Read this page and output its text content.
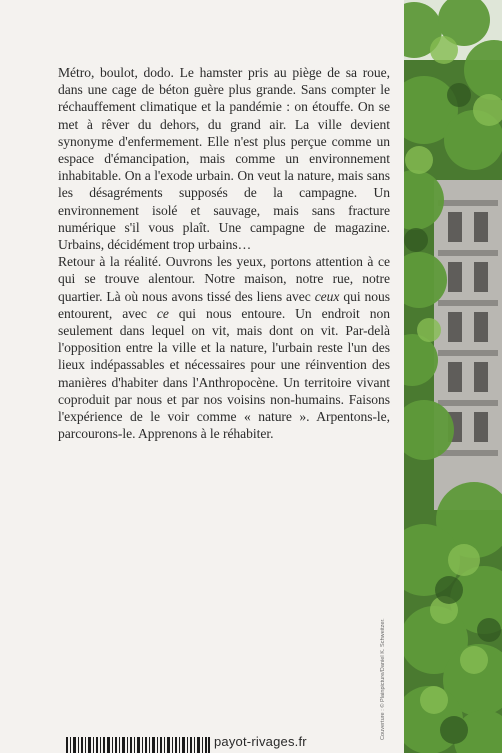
Métro, boulot, dodo. Le hamster pris au piège de sa roue, dans une cage de béton guère plus grande. Sans compter le réchauffement climatique et la pandémie : on étouffe. On se met à rêver du dehors, du grand air. La ville devient synonyme d'enfermement. Elle n'est plus perçue comme un espace d'émancipation, mais comme un environnement inhabitable. On a l'exode urbain. On veut la nature, mais sans les désagréments supposés de la campagne. Un environnement isolé et sauvage, mais sans fracture numérique s'il vous plaît. Une campagne de magazine. Urbains, décidément trop urbains…

Retour à la réalité. Ouvrons les yeux, portons attention à ce qui se trouve alentour. Notre maison, notre rue, notre quartier. Là où nous avons tissé des liens avec ceux qui nous entourent, avec ce qui nous entoure. Un endroit non seulement dans lequel on vit, mais dont on vit. Par-delà l'opposition entre la ville et la nature, l'urbain reste l'un des lieux indépassables et nécessaires pour une réinvention des manières d'habiter dans l'Anthropocène. Un territoire vivant coproduit par nous et par nos voisins non-humains. Faisons l'expérience de le voir comme « nature ». Arpentons-le, parcourons-le. Apprenons à le réhabiter.

Couverture : © Plainpicture/Daniel K. Schweitzer.
payot-rivages.fr
